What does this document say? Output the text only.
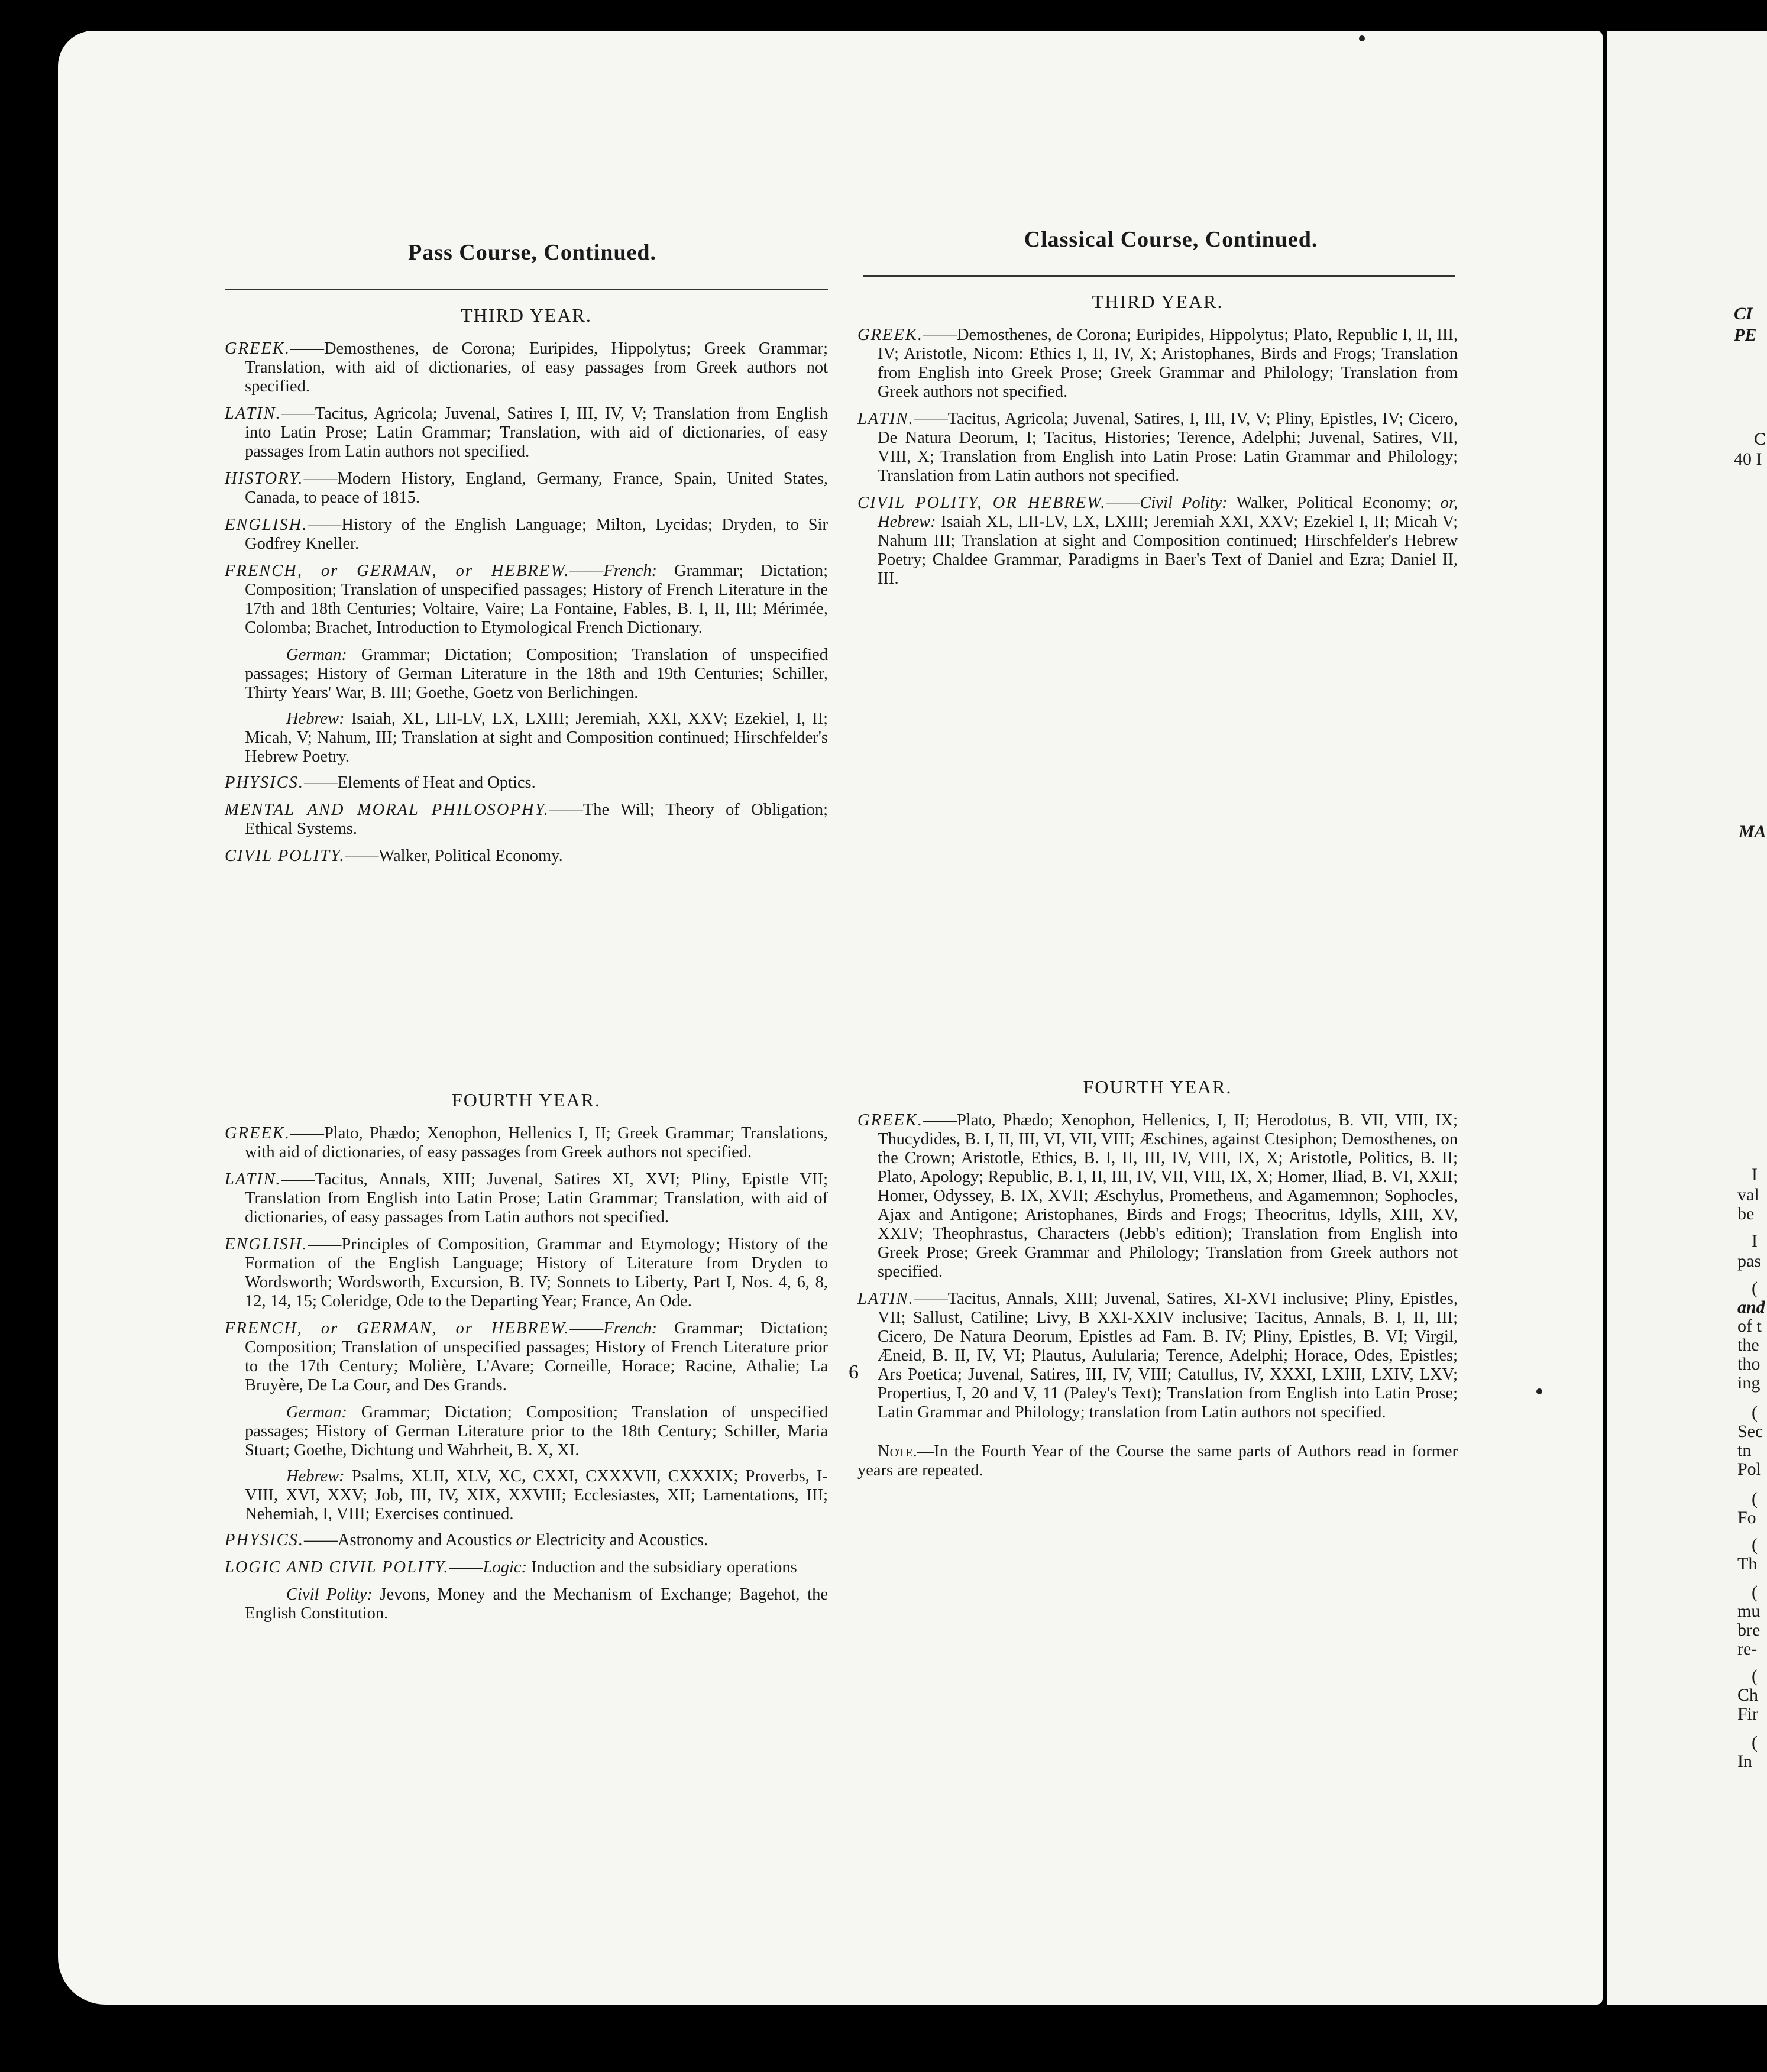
Pass Course, Continued.
Classical Course, Continued.
THIRD YEAR.

GREEK.——Demosthenes, de Corona; Euripides, Hippolytus; Greek Grammar; Translation, with aid of dictionaries, of easy passages from Greek authors not specified.

LATIN.——Tacitus, Agricola; Juvenal, Satires I, III, IV, V; Translation from English into Latin Prose; Latin Grammar; Translation, with aid of dictionaries, of easy passages from Latin authors not specified.

HISTORY.——Modern History, England, Germany, France, Spain, United States, Canada, to peace of 1815.

ENGLISH.——History of the English Language; Milton, Lycidas; Dryden, to Sir Godfrey Kneller.

FRENCH, or GERMAN, or HEBREW.——French: Grammar; Dictation; Composition; Translation of unspecified passages; History of French Literature in the 17th and 18th Centuries; Voltaire, Vaire; La Fontaine, Fables, B. I, II, III; Mérimée, Colomba; Brachet, Introduction to Etymological French Dictionary.

German: Grammar; Dictation; Composition; Translation of unspecified passages; History of German Literature in the 18th and 19th Centuries; Schiller, Thirty Years' War, B. III; Goethe, Goetz von Berlichingen.

Hebrew: Isaiah, XL, LII-LV, LX, LXIII; Jeremiah, XXI, XXV; Ezekiel, I, II; Micah, V; Nahum, III; Translation at sight and Composition continued; Hirschfelder's Hebrew Poetry.

PHYSICS.——Elements of Heat and Optics.

MENTAL AND MORAL PHILOSOPHY.——The Will; Theory of Obligation; Ethical Systems.

CIVIL POLITY.——Walker, Political Economy.

FOURTH YEAR.

GREEK.——Plato, Phædo; Xenophon, Hellenics I, II; Greek Grammar; Translations, with aid of dictionaries, of easy passages from Greek authors not specified.

LATIN.——Tacitus, Annals, XIII; Juvenal, Satires XI, XVI; Pliny, Epistle VII; Translation from English into Latin Prose; Latin Grammar; Translation, with aid of dictionaries, of easy passages from Latin authors not specified.

ENGLISH.——Principles of Composition, Grammar and Etymology; History of the Formation of the English Language; History of Literature from Dryden to Wordsworth; Wordsworth, Excursion, B. IV; Sonnets to Liberty, Part I, Nos. 4, 6, 8, 12, 14, 15; Coleridge, Ode to the Departing Year; France, An Ode.

FRENCH, or GERMAN, or HEBREW.——French: Grammar; Dictation; Composition; Translation of unspecified passages; History of French Literature prior to the 17th Century; Molière, L'Avare; Corneille, Horace; Racine, Athalie; La Bruyère, De La Cour, and Des Grands.

German: Grammar; Dictation; Composition; Translation of unspecified passages; History of German Literature prior to the 18th Century; Schiller, Maria Stuart; Goethe, Dichtung und Wahrheit, B. X, XI.

Hebrew: Psalms, XLII, XLV, XC, CXXI, CXXXVII, CXXXIX; Proverbs, I-VIII, XVI, XXV; Job, III, IV, XIX, XXVIII; Ecclesiastes, XII; Lamentations, III; Nehemiah, I, VIII; Exercises continued.

PHYSICS.——Astronomy and Acoustics or Electricity and Acoustics.

LOGIC AND CIVIL POLITY.——Logic: Induction and the subsidiary operations

Civil Polity: Jevons, Money and the Mechanism of Exchange; Bagehot, the English Constitution.

THIRD YEAR.

GREEK.——Demosthenes, de Corona; Euripides, Hippolytus; Plato, Republic I, II, III, IV; Aristotle, Nicom: Ethics I, II, IV, X; Aristophanes, Birds and Frogs; Translation from English into Greek Prose; Greek Grammar and Philology; Translation from Greek authors not specified.

LATIN.——Tacitus, Agricola; Juvenal, Satires, I, III, IV, V; Pliny, Epistles, IV; Cicero, De Natura Deorum, I; Tacitus, Histories; Terence, Adelphi; Juvenal, Satires, VII, VIII, X; Translation from English into Latin Prose: Latin Grammar and Philology; Translation from Latin authors not specified.

CIVIL POLITY, OR HEBREW.——Civil Polity: Walker, Political Economy; or, Hebrew: Isaiah XL, LII-LV, LX, LXIII; Jeremiah XXI, XXV; Ezekiel I, II; Micah V; Nahum III; Translation at sight and Composition continued; Hirschfelder's Hebrew Poetry; Chaldee Grammar, Paradigms in Baer's Text of Daniel and Ezra; Daniel II, III.

FOURTH YEAR.

GREEK.——Plato, Phædo; Xenophon, Hellenics, I, II; Herodotus, B. VII, VIII, IX; Thucydides, B. I, II, III, VI, VII, VIII; Æschines, against Ctesiphon; Demosthenes, on the Crown; Aristotle, Ethics, B. I, II, III, IV, VIII, IX, X; Aristotle, Politics, B. II; Plato, Apology; Republic, B. I, II, III, IV, VII, VIII, IX, X; Homer, Iliad, B. VI, XXII; Homer, Odyssey, B. IX, XVII; Æschylus, Prometheus, and Agamemnon; Sophocles, Ajax and Antigone; Aristophanes, Birds and Frogs; Theocritus, Idylls, XIII, XV, XXIV; Theophrastus, Characters (Jebb's edition); Translation from English into Greek Prose; Greek Grammar and Philology; Translation from Greek authors not specified.

LATIN.——Tacitus, Annals, XIII; Juvenal, Satires, XI-XVI inclusive; Pliny, Epistles, VII; Sallust, Catiline; Livy, B XXI-XXIV inclusive; Tacitus, Annals, B. I, II, III; Cicero, De Natura Deorum, Epistles ad Fam. B. IV; Pliny, Epistles, B. VI; Virgil, Æneid, B. II, IV, VI; Plautus, Aulularia; Terence, Adelphi; Horace, Odes, Epistles; Ars Poetica; Juvenal, Satires, III, IV, VIII; Catullus, IV, XXXI, LXIII, LXIV, LXV; Propertius, I, 20 and V, 11 (Paley's Text); Translation from English into Latin Prose; Latin Grammar and Philology; translation from Latin authors not specified.

Note.—In the Fourth Year of the Course the same parts of Authors read in former years are repeated.

6
CI
PE
C
40 I
MA
I
val
be
I
pas
(
and
of t
the
tho
ing
(
Sec
tn
Pol
(
Fo
(
Th
(
mu
bre
re-
(
Ch
Fir
(
In
